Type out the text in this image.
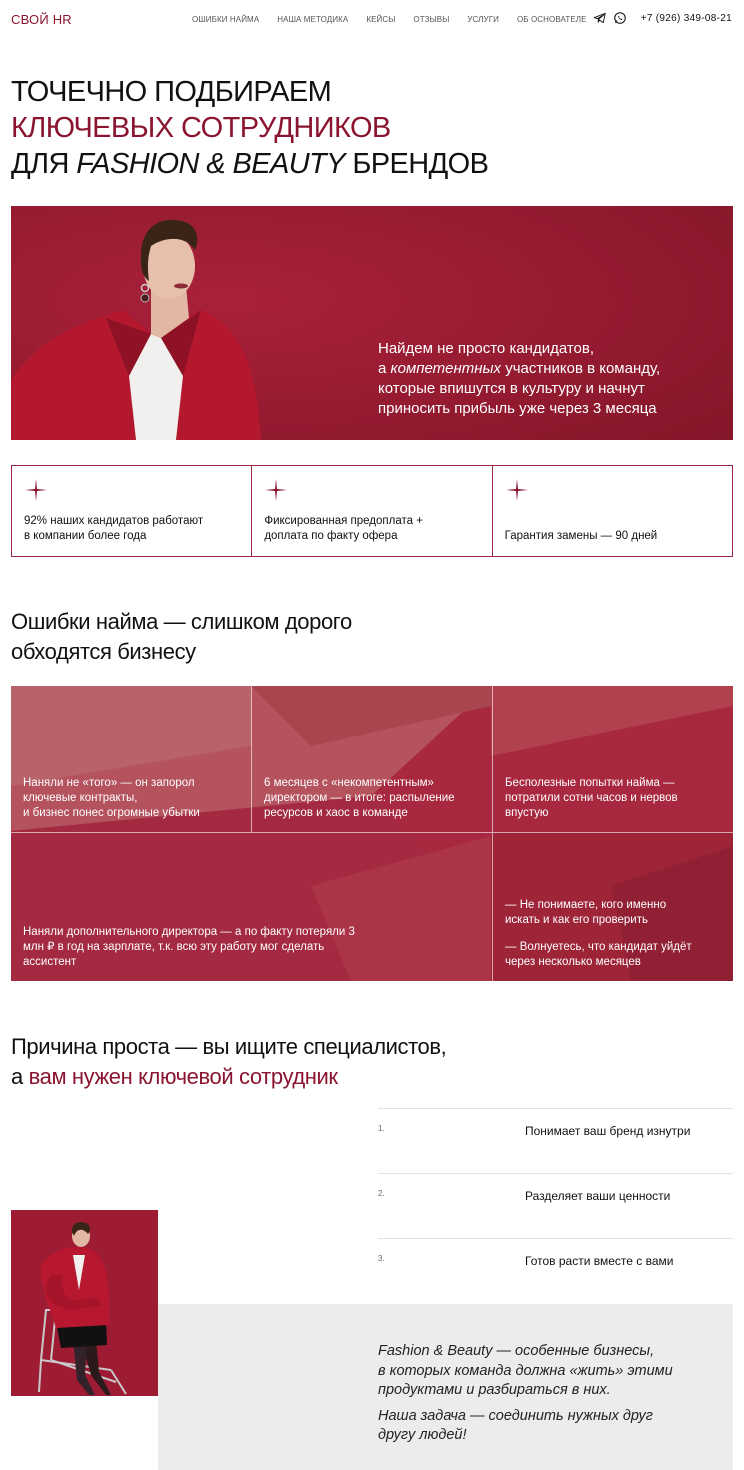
СВОЙ HR	ОШИБКИ НАЙМА НАША МЕТОДИКА КЕЙСЫ ОТЗЫВЫ УСЛУГИ ОБ ОСНОВАТЕЛЕ	+7 (926) 349-08-21
ТОЧЕЧНО ПОДБИРАЕМ
КЛЮЧЕВЫХ СОТРУДНИКОВ
ДЛЯ FASHION & BEAUTY БРЕНДОВ
Найдем не просто кандидатов,
а компетентных участников в команду,
которые впишутся в культуру и начнут
приносить прибыль уже через 3 месяца
92% наших кандидатов работают
в компании более года
Фиксированная предоплата +
доплата по факту офера	Гарантия замены — 90 дней
Ошибки найма — слишком дорого
обходятся бизнесу
Наняли не «того» — он запорол
ключевые контракты,
и бизнес понес огромные убытки
6 месяцев с «некомпетентным»
директором — в итоге: распыление
ресурсов и хаос в команде
Бесполезные попытки найма —
потратили сотни часов и нервов
впустую
Наняли дополнительного директора — а по факту потеряли 3
млн ₽ в год на зарплате, т.к. всю эту работу мог сделать
ассистент

— Не понимаете, кого именно
искать и как его проверить

— Волнуетесь, что кандидат уйдёт
через несколько месяцев

Причина проста — вы ищите специалистов,
а вам нужен ключевой сотрудник
1.	Понимает ваш бренд изнутри
2.	Разделяет ваши ценности
3.	Готов расти вместе с вами

Fashion & Beauty — особенные бизнесы,
в которых команда должна «жить» этими
продуктами и разбираться в них.

Наша задача — соединить нужных друг
другу людей!
